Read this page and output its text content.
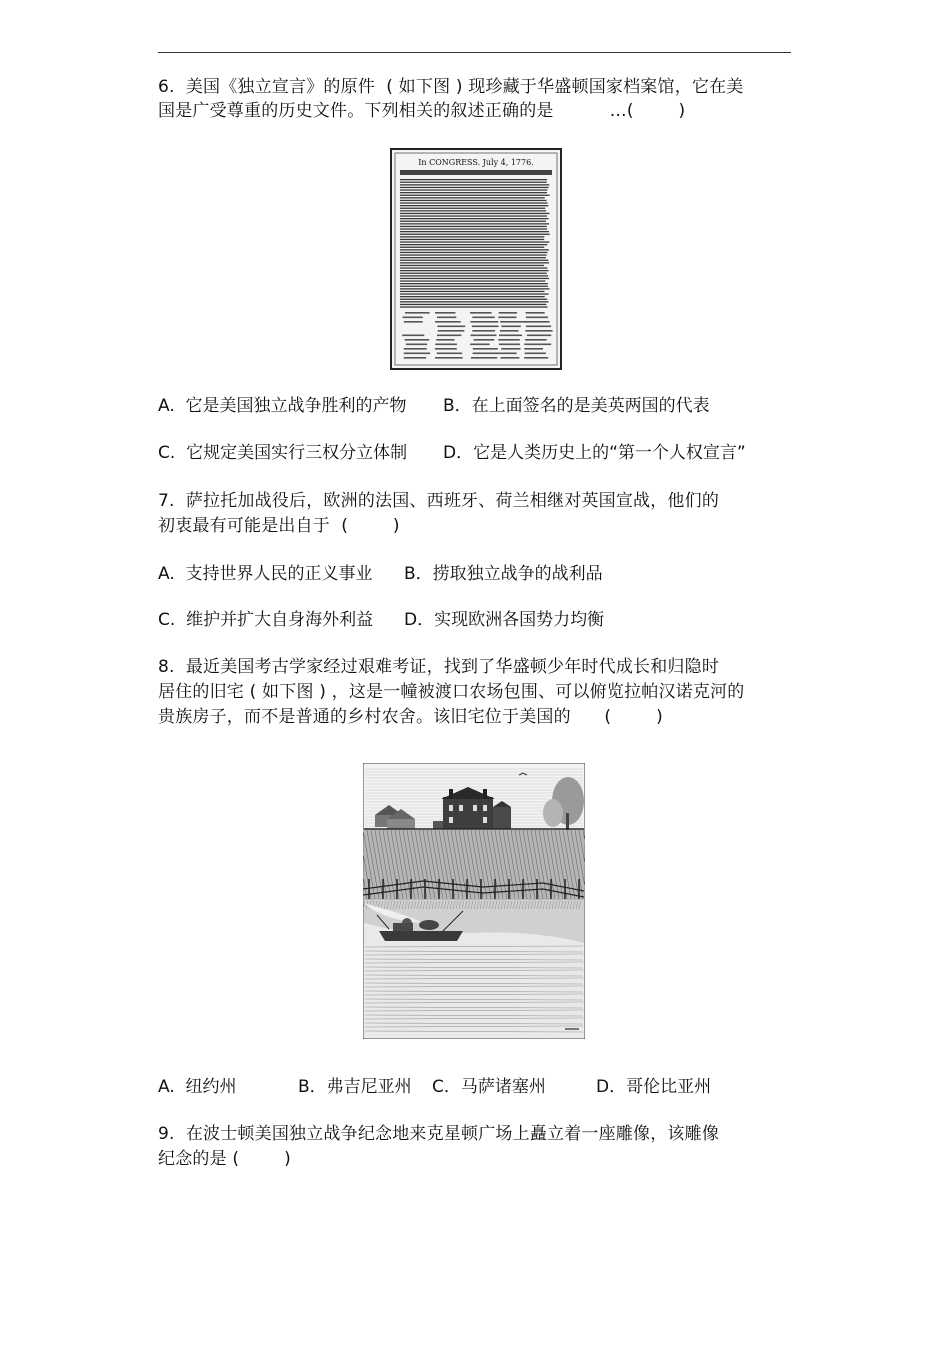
6.  美国《独立宣言》的原件  ( 如下图 ) 现珍藏于华盛顿国家档案馆，它在美
国是广受尊重的历史文件。下列相关的叙述正确的是          …(        )
In CONGRESS. July 4, 1776.
A.  它是美国独立战争胜利的产物 B．在上面签名的是美英两国的代表
C.  它规定美国实行三权分立体制 D．它是人类历史上的“第一个人权宣言”
7.  萨拉托加战役后，欧洲的法国、西班牙、荷兰相继对英国宣战，他们的
初衷最有可能是出自于  (        )
A.  支持世界人民的正义事业 B．捞取独立战争的战利品
C.  维护并扩大自身海外利益 D．实现欧洲各国势力均衡
8.  最近美国考古学家经过艰难考证，找到了华盛顿少年时代成长和归隐时
居住的旧宅 ( 如下图 ) ，这是一幢被渡口农场包围、可以俯览拉帕汉诺克河的
贵族房子，而不是普通的乡村农舍。该旧宅位于美国的      (        )
A.  纽约州	B．弗吉尼亚州 C．马萨诸塞州	D．哥伦比亚州
9.  在波士顿美国独立战争纪念地来克星顿广场上矗立着一座雕像，该雕像
纪念的是 (        )
